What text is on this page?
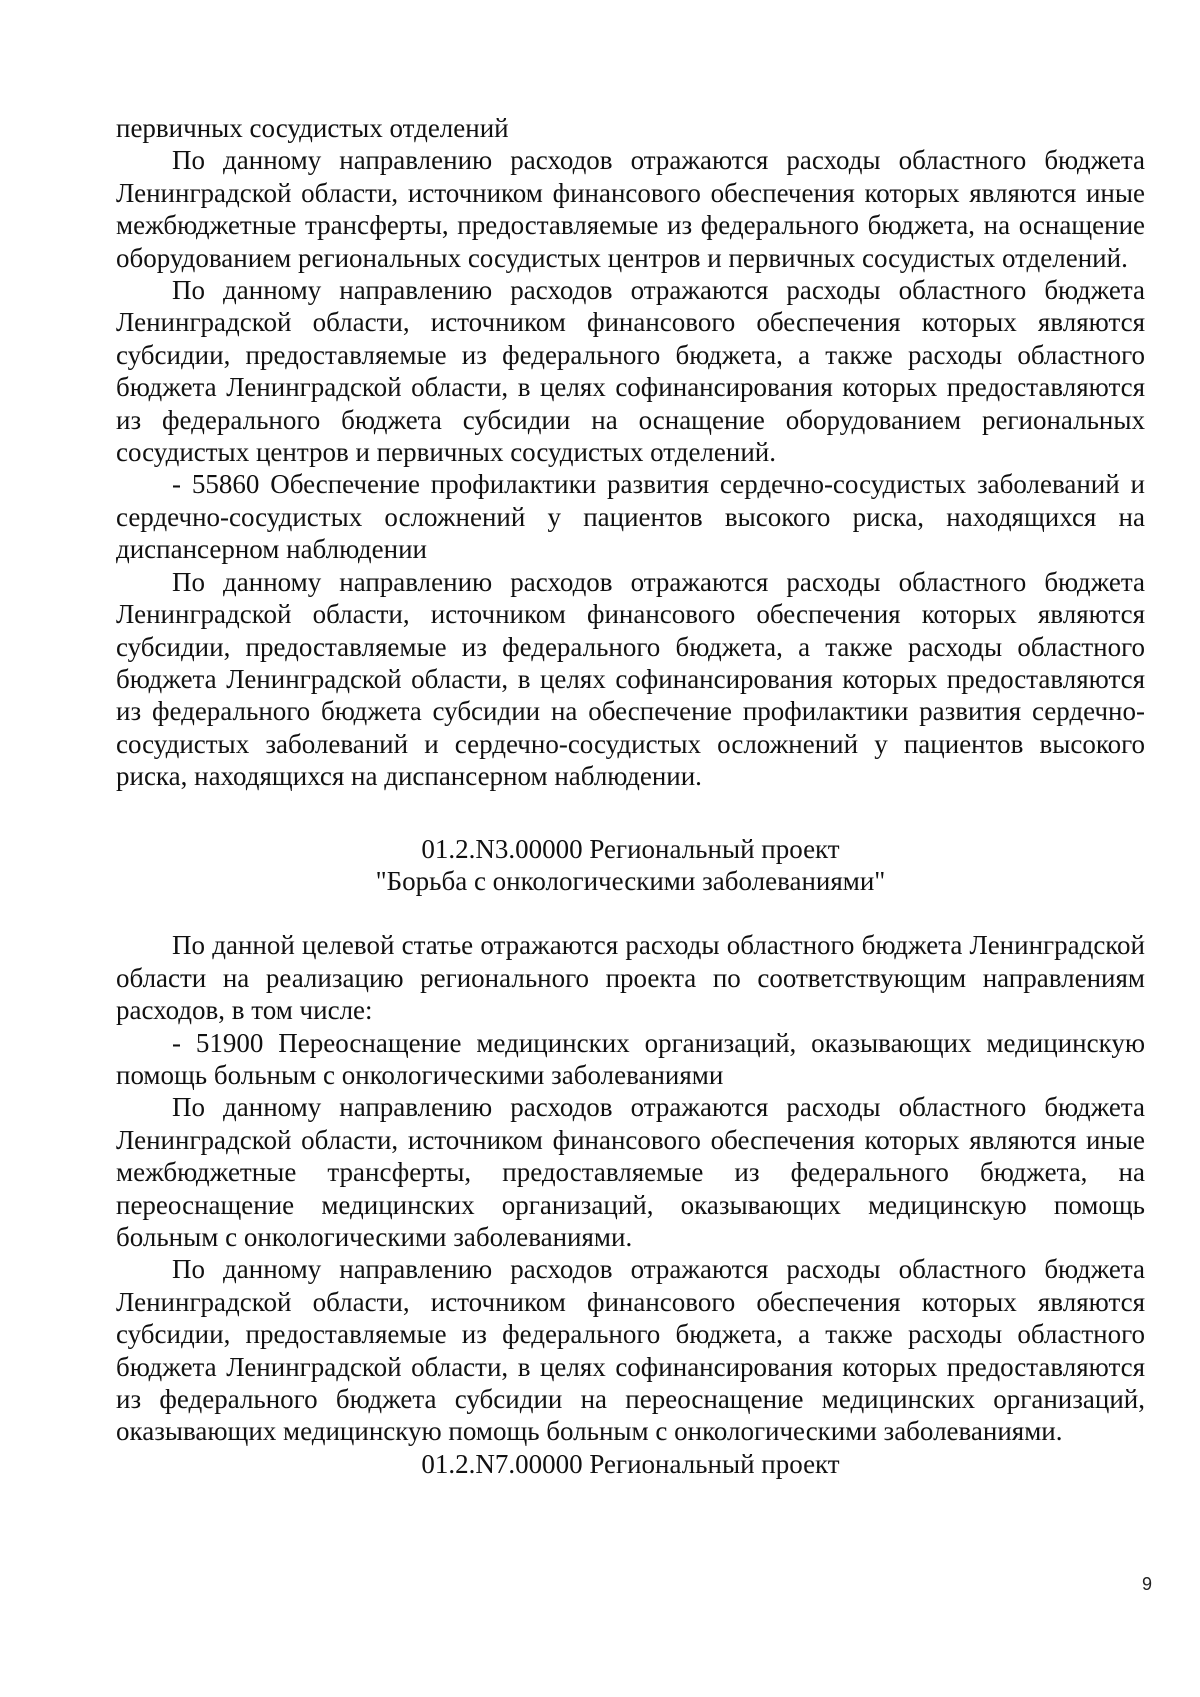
первичных сосудистых отделений

По данному направлению расходов отражаются расходы областного бюджета Ленинградской области, источником финансового обеспечения которых являются иные межбюджетные трансферты, предоставляемые из федерального бюджета, на оснащение оборудованием региональных сосудистых центров и первичных сосудистых отделений.

По данному направлению расходов отражаются расходы областного бюджета Ленинградской области, источником финансового обеспечения которых являются субсидии, предоставляемые из федерального бюджета, а также расходы областного бюджета Ленинградской области, в целях софинансирования которых предоставляются из федерального бюджета субсидии на оснащение оборудованием региональных сосудистых центров и первичных сосудистых отделений.

- 55860 Обеспечение профилактики развития сердечно-сосудистых заболеваний и сердечно-сосудистых осложнений у пациентов высокого риска, находящихся на диспансерном наблюдении

По данному направлению расходов отражаются расходы областного бюджета Ленинградской области, источником финансового обеспечения которых являются субсидии, предоставляемые из федерального бюджета, а также расходы областного бюджета Ленинградской области, в целях софинансирования которых предоставляются из федерального бюджета субсидии на обеспечение профилактики развития сердечно-сосудистых заболеваний и сердечно-сосудистых осложнений у пациентов высокого риска, находящихся на диспансерном наблюдении.

01.2.N3.00000 Региональный проект

"Борьба с онкологическими заболеваниями"

По данной целевой статье отражаются расходы областного бюджета Ленинградской области на реализацию регионального проекта по соответствующим направлениям расходов, в том числе:

- 51900 Переоснащение медицинских организаций, оказывающих медицинскую помощь больным с онкологическими заболеваниями

По данному направлению расходов отражаются расходы областного бюджета Ленинградской области, источником финансового обеспечения которых являются иные межбюджетные трансферты, предоставляемые из федерального бюджета, на переоснащение медицинских организаций, оказывающих медицинскую помощь больным с онкологическими заболеваниями.

По данному направлению расходов отражаются расходы областного бюджета Ленинградской области, источником финансового обеспечения которых являются субсидии, предоставляемые из федерального бюджета, а также расходы областного бюджета Ленинградской области, в целях софинансирования которых предоставляются из федерального бюджета субсидии на переоснащение медицинских организаций, оказывающих медицинскую помощь больным с онкологическими заболеваниями.

01.2.N7.00000 Региональный проект

9
